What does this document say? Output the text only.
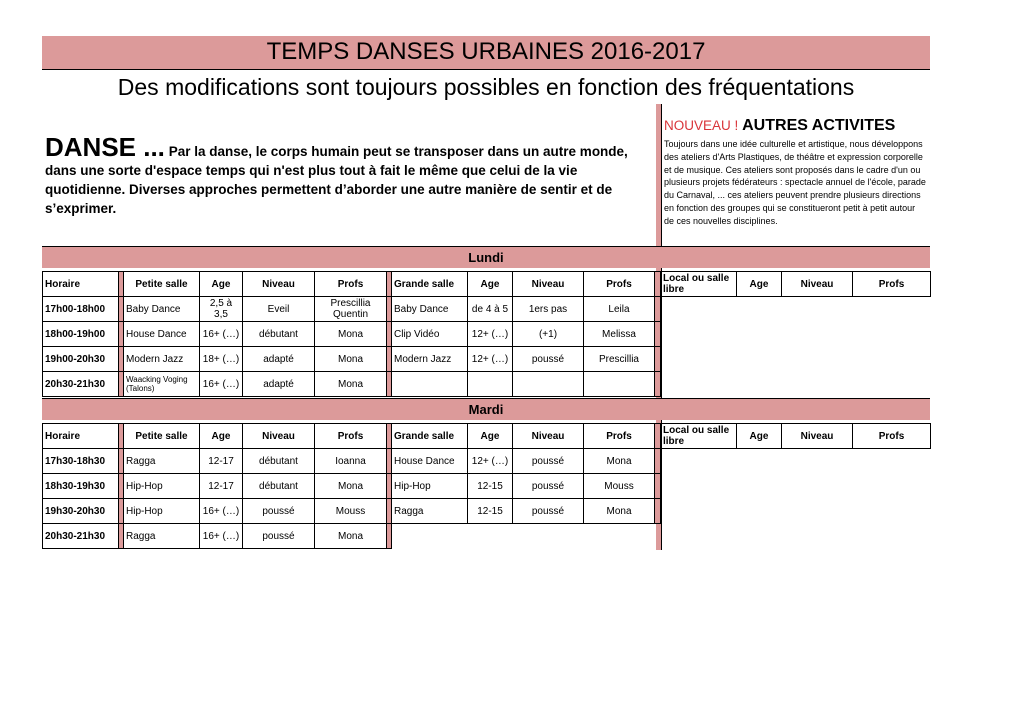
TEMPS DANSES URBAINES 2016-2017
Des modifications sont toujours possibles en fonction des fréquentations
DANSE ... Par la danse, le corps humain peut se transposer dans un autre monde, dans une sorte d'espace temps qui n'est plus tout à fait le même que celui de la vie quotidienne. Diverses approches permettent d’aborder une autre manière de sentir et de s’exprimer.
NOUVEAU ! AUTRES ACTIVITES
Toujours dans une idée culturelle et artistique, nous développons des ateliers d'Arts Plastiques, de théâtre et expression corporelle et de musique. Ces ateliers sont proposés dans le cadre d'un ou plusieurs projets fédérateurs : spectacle annuel de l'école, parade du Carnaval, ... ces ateliers peuvent prendre plusieurs directions en fonction des groupes qui se constitueront petit à petit autour de ces nouvelles disciplines.
Lundi
Horaire		Petite salle	Age	Niveau	Profs		Grande salle	Age	Niveau	Profs		Local ou salle libre	Age	Niveau	Profs
17h00-18h00		Baby Dance	2,5 à 3,5	Eveil	Prescillia Quentin		Baby Dance	de 4 à 5	1ers pas	Leila					
18h00-19h00		House Dance	16+ (…)	débutant	Mona		Clip Vidéo	12+ (…)	(+1)	Melissa					
19h00-20h30		Modern Jazz	18+ (…)	adapté	Mona		Modern Jazz	12+ (…)	poussé	Prescillia					
20h30-21h30		Waacking Voging (Talons)	16+ (…)	adapté	Mona										
Mardi
Horaire		Petite salle	Age	Niveau	Profs		Grande salle	Age	Niveau	Profs		Local ou salle libre	Age	Niveau	Profs
17h30-18h30		Ragga	12-17	débutant	Ioanna		House Dance	12+ (…)	poussé	Mona					
18h30-19h30		Hip-Hop	12-17	débutant	Mona		Hip-Hop	12-15	poussé	Mouss					
19h30-20h30		Hip-Hop	16+ (…)	poussé	Mouss		Ragga	12-15	poussé	Mona					
20h30-21h30		Ragga	16+ (…)	poussé	Mona										
